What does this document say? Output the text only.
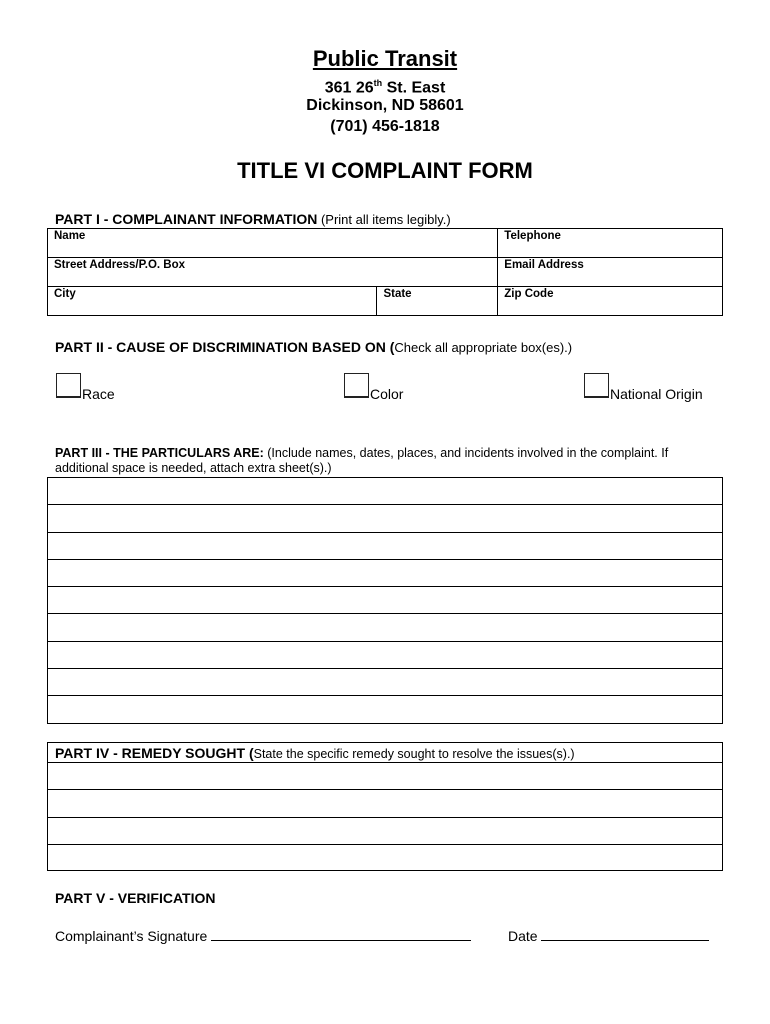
Public Transit
361 26th St. East
Dickinson, ND 58601
(701) 456-1818
TITLE VI COMPLAINT FORM
PART I - COMPLAINANT INFORMATION (Print all items legibly.)
Name		Telephone
Street Address/P.O. Box		Email Address
City	State	Zip Code
PART II - CAUSE OF DISCRIMINATION BASED ON (Check all appropriate box(es).)
Race	Color	National Origin
PART III - THE PARTICULARS ARE: (Include names, dates, places, and incidents involved in the complaint. If additional space is needed, attach extra sheet(s).)
PART IV - REMEDY SOUGHT (State the specific remedy sought to resolve the issues(s).)
PART V - VERIFICATION
Complainant’s Signature	Date
